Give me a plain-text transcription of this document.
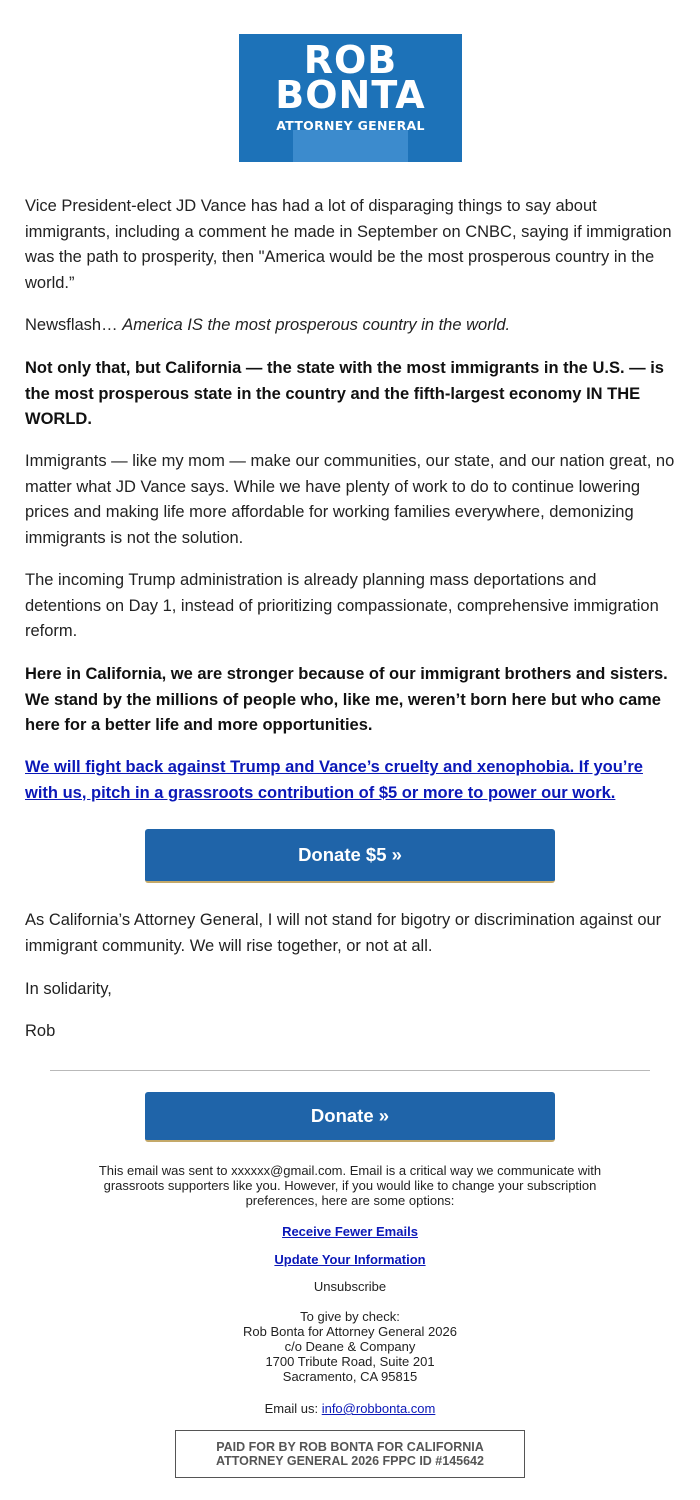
ROB
BONTA
ATTORNEY GENERAL

Vice President-elect JD Vance has had a lot of disparaging things to say about immigrants, including a comment he made in September on CNBC, saying if immigration was the path to prosperity, then "America would be the most prosperous country in the world.”

Newsflash… America IS the most prosperous country in the world.

Not only that, but California — the state with the most immigrants in the U.S. — is the most prosperous state in the country and the fifth-largest economy IN THE WORLD.

Immigrants — like my mom — make our communities, our state, and our nation great, no matter what JD Vance says. While we have plenty of work to do to continue lowering prices and making life more affordable for working families everywhere, demonizing immigrants is not the solution.

The incoming Trump administration is already planning mass deportations and detentions on Day 1, instead of prioritizing compassionate, comprehensive immigration reform.

Here in California, we are stronger because of our immigrant brothers and sisters. We stand by the millions of people who, like me, weren’t born here but who came here for a better life and more opportunities.

We will fight back against Trump and Vance’s cruelty and xenophobia. If you’re with us, pitch in a grassroots contribution of $5 or more to power our work.

Donate $5 »

As California’s Attorney General, I will not stand for bigotry or discrimination against our immigrant community. We will rise together, or not at all.

In solidarity,

Rob

Donate »
This email was sent to xxxxxx@gmail.com. Email is a critical way we communicate with grassroots supporters like you. However, if you would like to change your subscription preferences, here are some options:
Receive Fewer Emails
Update Your Information
Unsubscribe

To give by check:

Rob Bonta for Attorney General 2026

c/o Deane & Company

1700 Tribute Road, Suite 201

Sacramento, CA 95815

Email us: info@robbonta.com
PAID FOR BY ROB BONTA FOR CALIFORNIA
ATTORNEY GENERAL 2026 FPPC ID #145642
